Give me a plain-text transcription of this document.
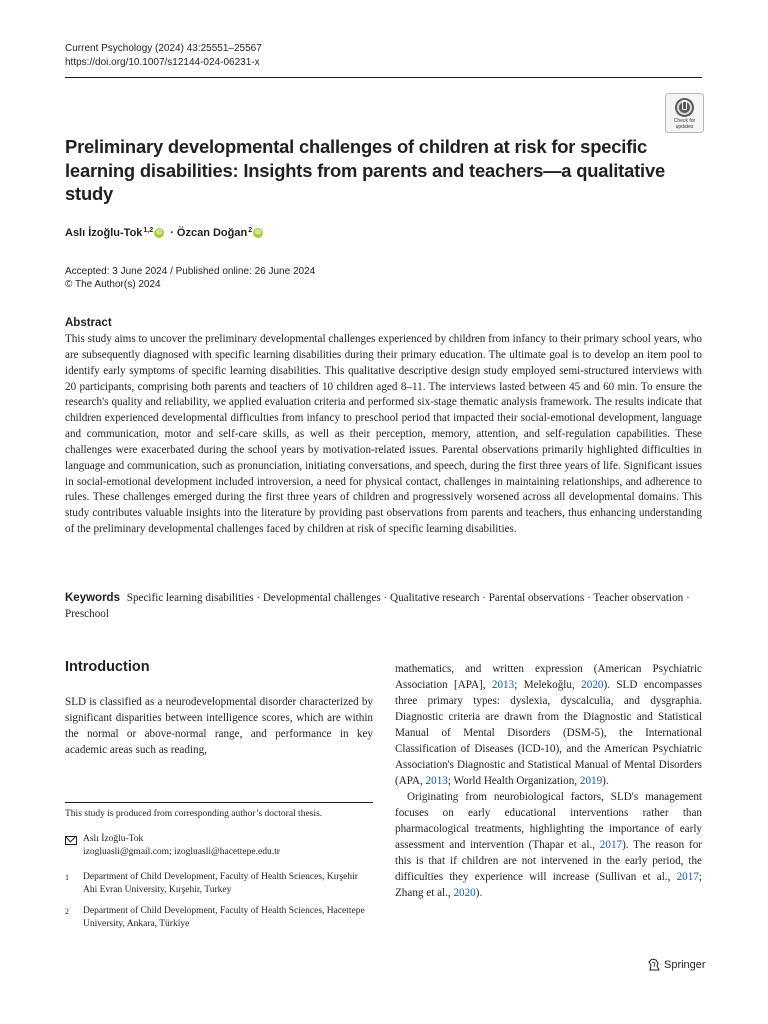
Current Psychology (2024) 43:25551–25567
https://doi.org/10.1007/s12144-024-06231-x
Check for
updates
Preliminary developmental challenges of children at risk for specific learning disabilities: Insights from parents and teachers—a qualitative study
Aslı İzoğlu-Tok$^{1,2}$ iD · Özcan Doğan$^2$ iD
Accepted: 3 June 2024 / Published online: 26 June 2024
© The Author(s) 2024
Abstract
This study aims to uncover the preliminary developmental challenges experienced by children from infancy to their primary school years, who are subsequently diagnosed with specific learning disabilities during their primary education. The ultimate goal is to develop an item pool to identify early symptoms of specific learning disabilities. This qualitative descriptive design study employed semi-structured interviews with 20 participants, comprising both parents and teachers of 10 children aged 8–11. The interviews lasted between 45 and 60 min. To ensure the research's quality and reliability, we applied evaluation criteria and performed six-stage thematic analysis framework. The results indicate that children experienced developmental difficulties from infancy to preschool period that impacted their social-emotional development, language and communication, motor and self-care skills, as well as their perception, memory, attention, and self-regulation capabilities. These challenges were exacerbated during the school years by motivation-related issues. Parental observations primarily highlighted difficulties in language and communication, such as pronunciation, initiating conversations, and speech, during the first three years of life. Significant issues in social-emotional development included introversion, a need for physical contact, challenges in maintaining relationships, and adherence to rules. These challenges emerged during the first three years of children and progressively worsened across all developmental domains. This study contributes valuable insights into the literature by providing past observations from parents and teachers, thus enhancing understanding of the preliminary developmental challenges faced by children at risk of specific learning disabilities.
Keywords Specific learning disabilities · Developmental challenges · Qualitative research · Parental observations · Teacher observation · Preschool
Introduction
SLD is classified as a neurodevelopmental disorder characterized by significant disparities between intelligence scores, which are within the normal or above-normal range, and performance in key academic areas such as reading,

mathematics, and written expression (American Psychiatric Association [APA], 2013; Melekoğlu, 2020). SLD encompasses three primary types: dyslexia, dyscalculia, and dysgraphia. Diagnostic criteria are drawn from the Diagnostic and Statistical Manual of Mental Disorders (DSM-5), the International Classification of Diseases (ICD-10), and the American Psychiatric Association's Diagnostic and Statistical Manual of Mental Disorders (APA, 2013; World Health Organization, 2019).

Originating from neurobiological factors, SLD's management focuses on early educational interventions rather than pharmacological treatments, highlighting the importance of early assessment and intervention (Thapar et al., 2017). The reason for this is that if children are not intervened in the early period, the difficulties they experience will increase (Sullivan et al., 2017; Zhang et al., 2020).

This study is produced from corresponding author’s doctoral thesis.
Aslı İzoğlu-Tok
izogluasli@gmail.com; izogluasli@hacettepe.edu.tr
1	Department of Child Development, Faculty of Health Sciences, Kırşehir Ahi Evran University, Kırşehir, Turkey
2	Department of Child Development, Faculty of Health Sciences, Hacettepe University, Ankara, Türkiye
Springer
